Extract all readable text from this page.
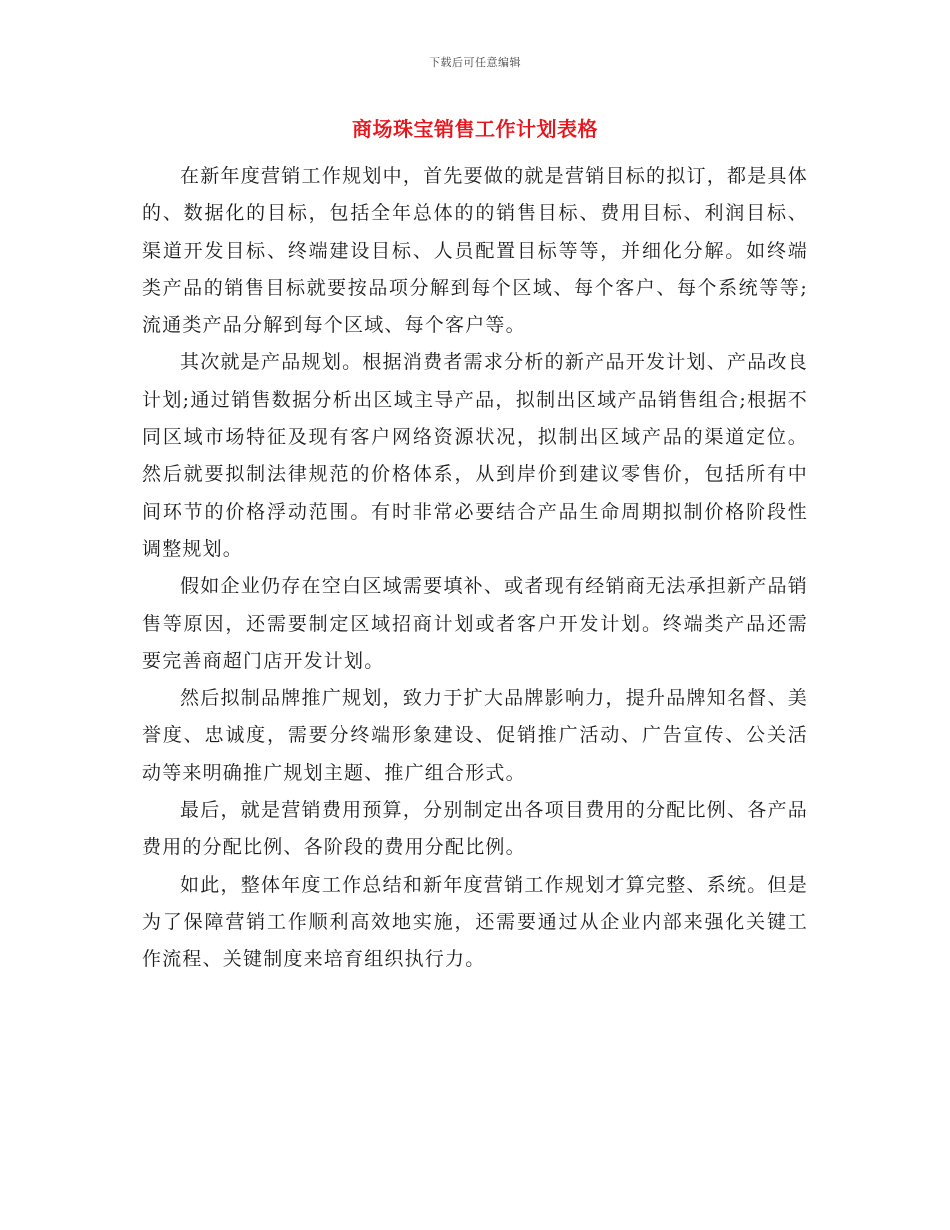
下载后可任意编辑
商场珠宝销售工作计划表格

在新年度营销工作规划中，首先要做的就是营销目标的拟订，都是具体的、数据化的目标，包括全年总体的的销售目标、费用目标、利润目标、渠道开发目标、终端建设目标、人员配置目标等等，并细化分解。如终端类产品的销售目标就要按品项分解到每个区域、每个客户、每个系统等等;流通类产品分解到每个区域、每个客户等。

其次就是产品规划。根据消费者需求分析的新产品开发计划、产品改良计划;通过销售数据分析出区域主导产品，拟制出区域产品销售组合;根据不同区域市场特征及现有客户网络资源状况，拟制出区域产品的渠道定位。然后就要拟制法律规范的价格体系，从到岸价到建议零售价，包括所有中间环节的价格浮动范围。有时非常必要结合产品生命周期拟制价格阶段性调整规划。

假如企业仍存在空白区域需要填补、或者现有经销商无法承担新产品销售等原因，还需要制定区域招商计划或者客户开发计划。终端类产品还需要完善商超门店开发计划。

然后拟制品牌推广规划，致力于扩大品牌影响力，提升品牌知名督、美誉度、忠诚度，需要分终端形象建设、促销推广活动、广告宣传、公关活动等来明确推广规划主题、推广组合形式。

最后，就是营销费用预算，分别制定出各项目费用的分配比例、各产品费用的分配比例、各阶段的费用分配比例。

如此，整体年度工作总结和新年度营销工作规划才算完整、系统。但是为了保障营销工作顺利高效地实施，还需要通过从企业内部来强化关键工作流程、关键制度来培育组织执行力。
